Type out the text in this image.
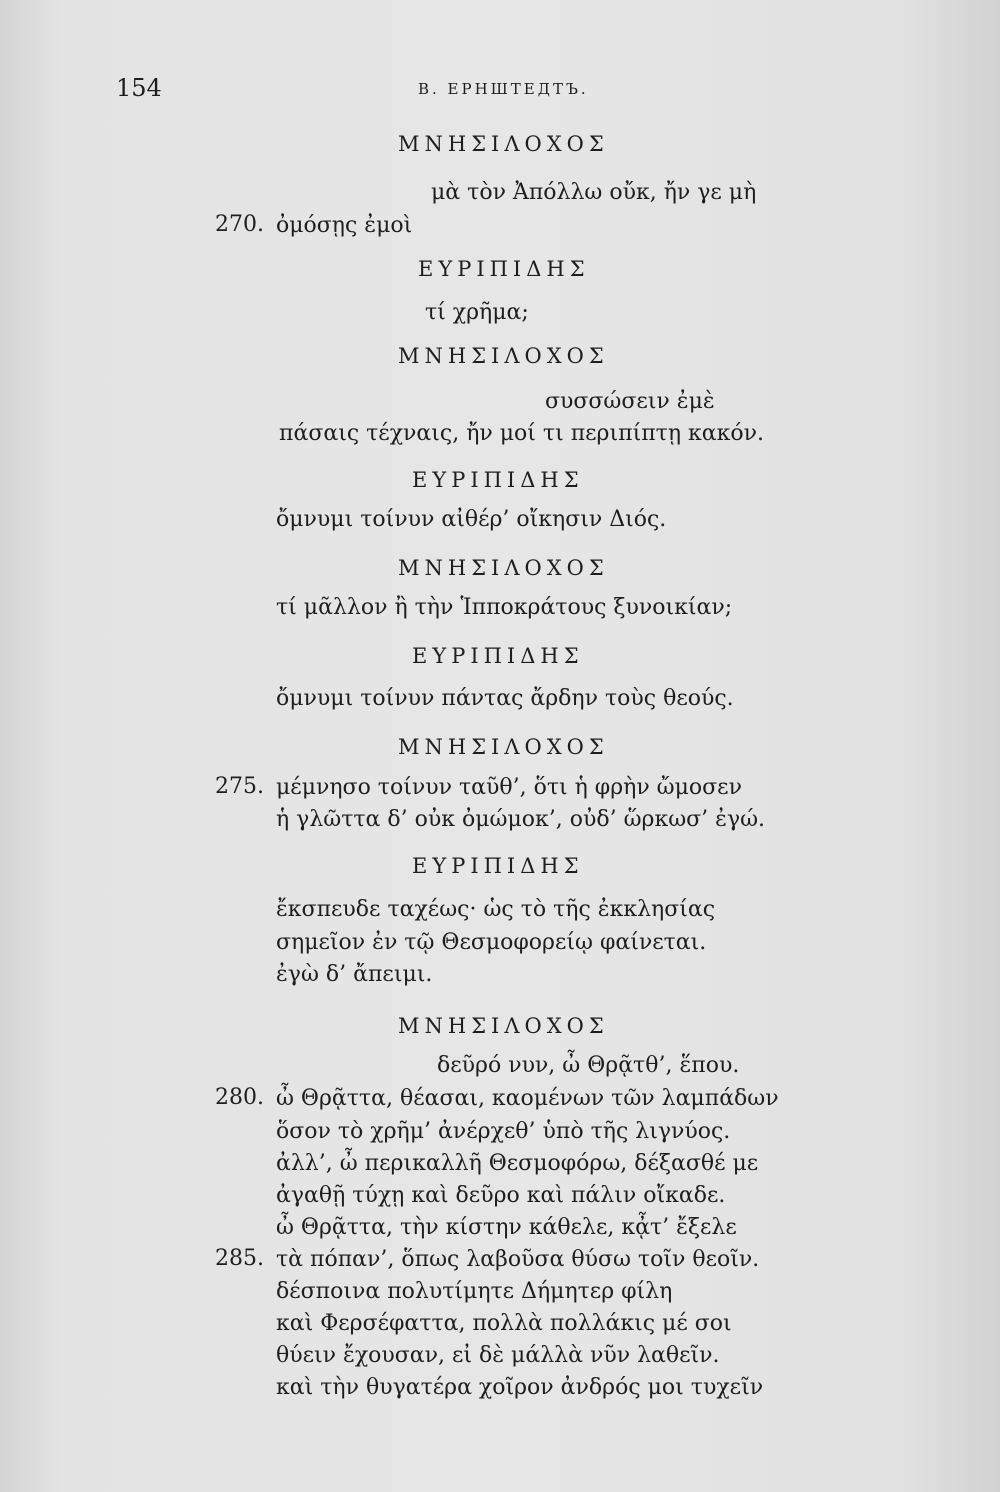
154	B. EPHШТЕДТЪ.
ΜΝΗΣΙΛΟΧΟΣ
μὰ τὸν Ἀπόλλω οὔκ, ἤν γε μὴ
270. ὀμόσῃς ἐμοὶ
ΕΥΡΙΠΙΔΗΣ
τί χρῆμα;
ΜΝΗΣΙΛΟΧΟΣ
συσσώσειν ἐμὲ
πάσαις τέχναις, ἤν μοί τι περιπίπτῃ κακόν.
ΕΥΡΙΠΙΔΗΣ
ὄμνυμι τοίνυν αἰθέρ’ οἴκησιν Διός.
ΜΝΗΣΙΛΟΧΟΣ
τί μᾶλλον ἢ τὴν Ἱπποκράτους ξυνοικίαν;
ΕΥΡΙΠΙΔΗΣ
ὄμνυμι τοίνυν πάντας ἄρδην τοὺς θεούς.
ΜΝΗΣΙΛΟΧΟΣ
275. μέμνησο τοίνυν ταῦθ’, ὅτι ἡ φρὴν ὤμοσεν
ἡ γλῶττα δ’ οὐκ ὀμώμοκ’, οὐδ’ ὥρκωσ’ ἐγώ.
ΕΥΡΙΠΙΔΗΣ
ἔκσπευδε ταχέως· ὡς τὸ τῆς ἐκκλησίας
σημεῖον ἐν τῷ Θεσμοφορείῳ φαίνεται.
ἐγὼ δ’ ἄπειμι.
ΜΝΗΣΙΛΟΧΟΣ
δεῦρό νυν, ὦ Θρᾷτθ’, ἕπου.
280. ὦ Θρᾷττα, θέασαι, καομένων τῶν λαμπάδων
ὅσον τὸ χρῆμ’ ἀνέρχεθ’ ὑπὸ τῆς λιγνύος.
ἀλλ’, ὦ περικαλλῆ Θεσμοφόρω, δέξασθέ με
ἀγαθῇ τύχῃ καὶ δεῦρο καὶ πάλιν οἴκαδε.
ὦ Θρᾷττα, τὴν κίστην κάθελε, κᾆτ’ ἔξελε
285. τὰ πόπαν’, ὅπως λαβοῦσα θύσω τοῖν θεοῖν.
δέσποινα πολυτίμητε Δήμητερ φίλη
καὶ Φερσέφαττα, πολλὰ πολλάκις μέ σοι
θύειν ἔχουσαν, εἰ δὲ μάλλὰ νῦν λαθεῖν.
καὶ τὴν θυγατέρα χοῖρον ἀνδρός μοι τυχεῖν
